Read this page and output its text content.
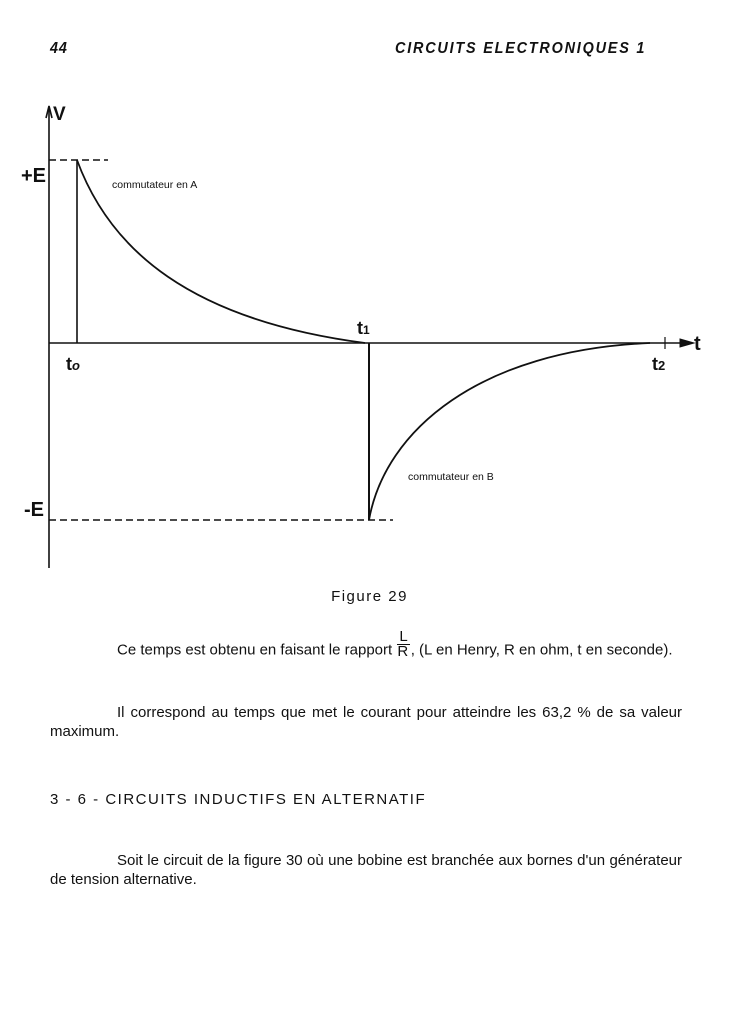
44	CIRCUITS ELECTRONIQUES 1
V
t
+E
-E
to
t1
t2
commutateur en A
commutateur en B
Figure 29
Ce temps est obtenu en faisant le rapport $\frac{L}{R}$ , (L en Henry, R en ohm, t en seconde).
Il correspond au temps que met le courant pour atteindre les 63,2 % de sa valeur maximum.
3 - 6 - CIRCUITS INDUCTIFS EN ALTERNATIF
Soit le circuit de la figure 30 où une bobine est branchée aux bornes d'un générateur de tension alternative.
